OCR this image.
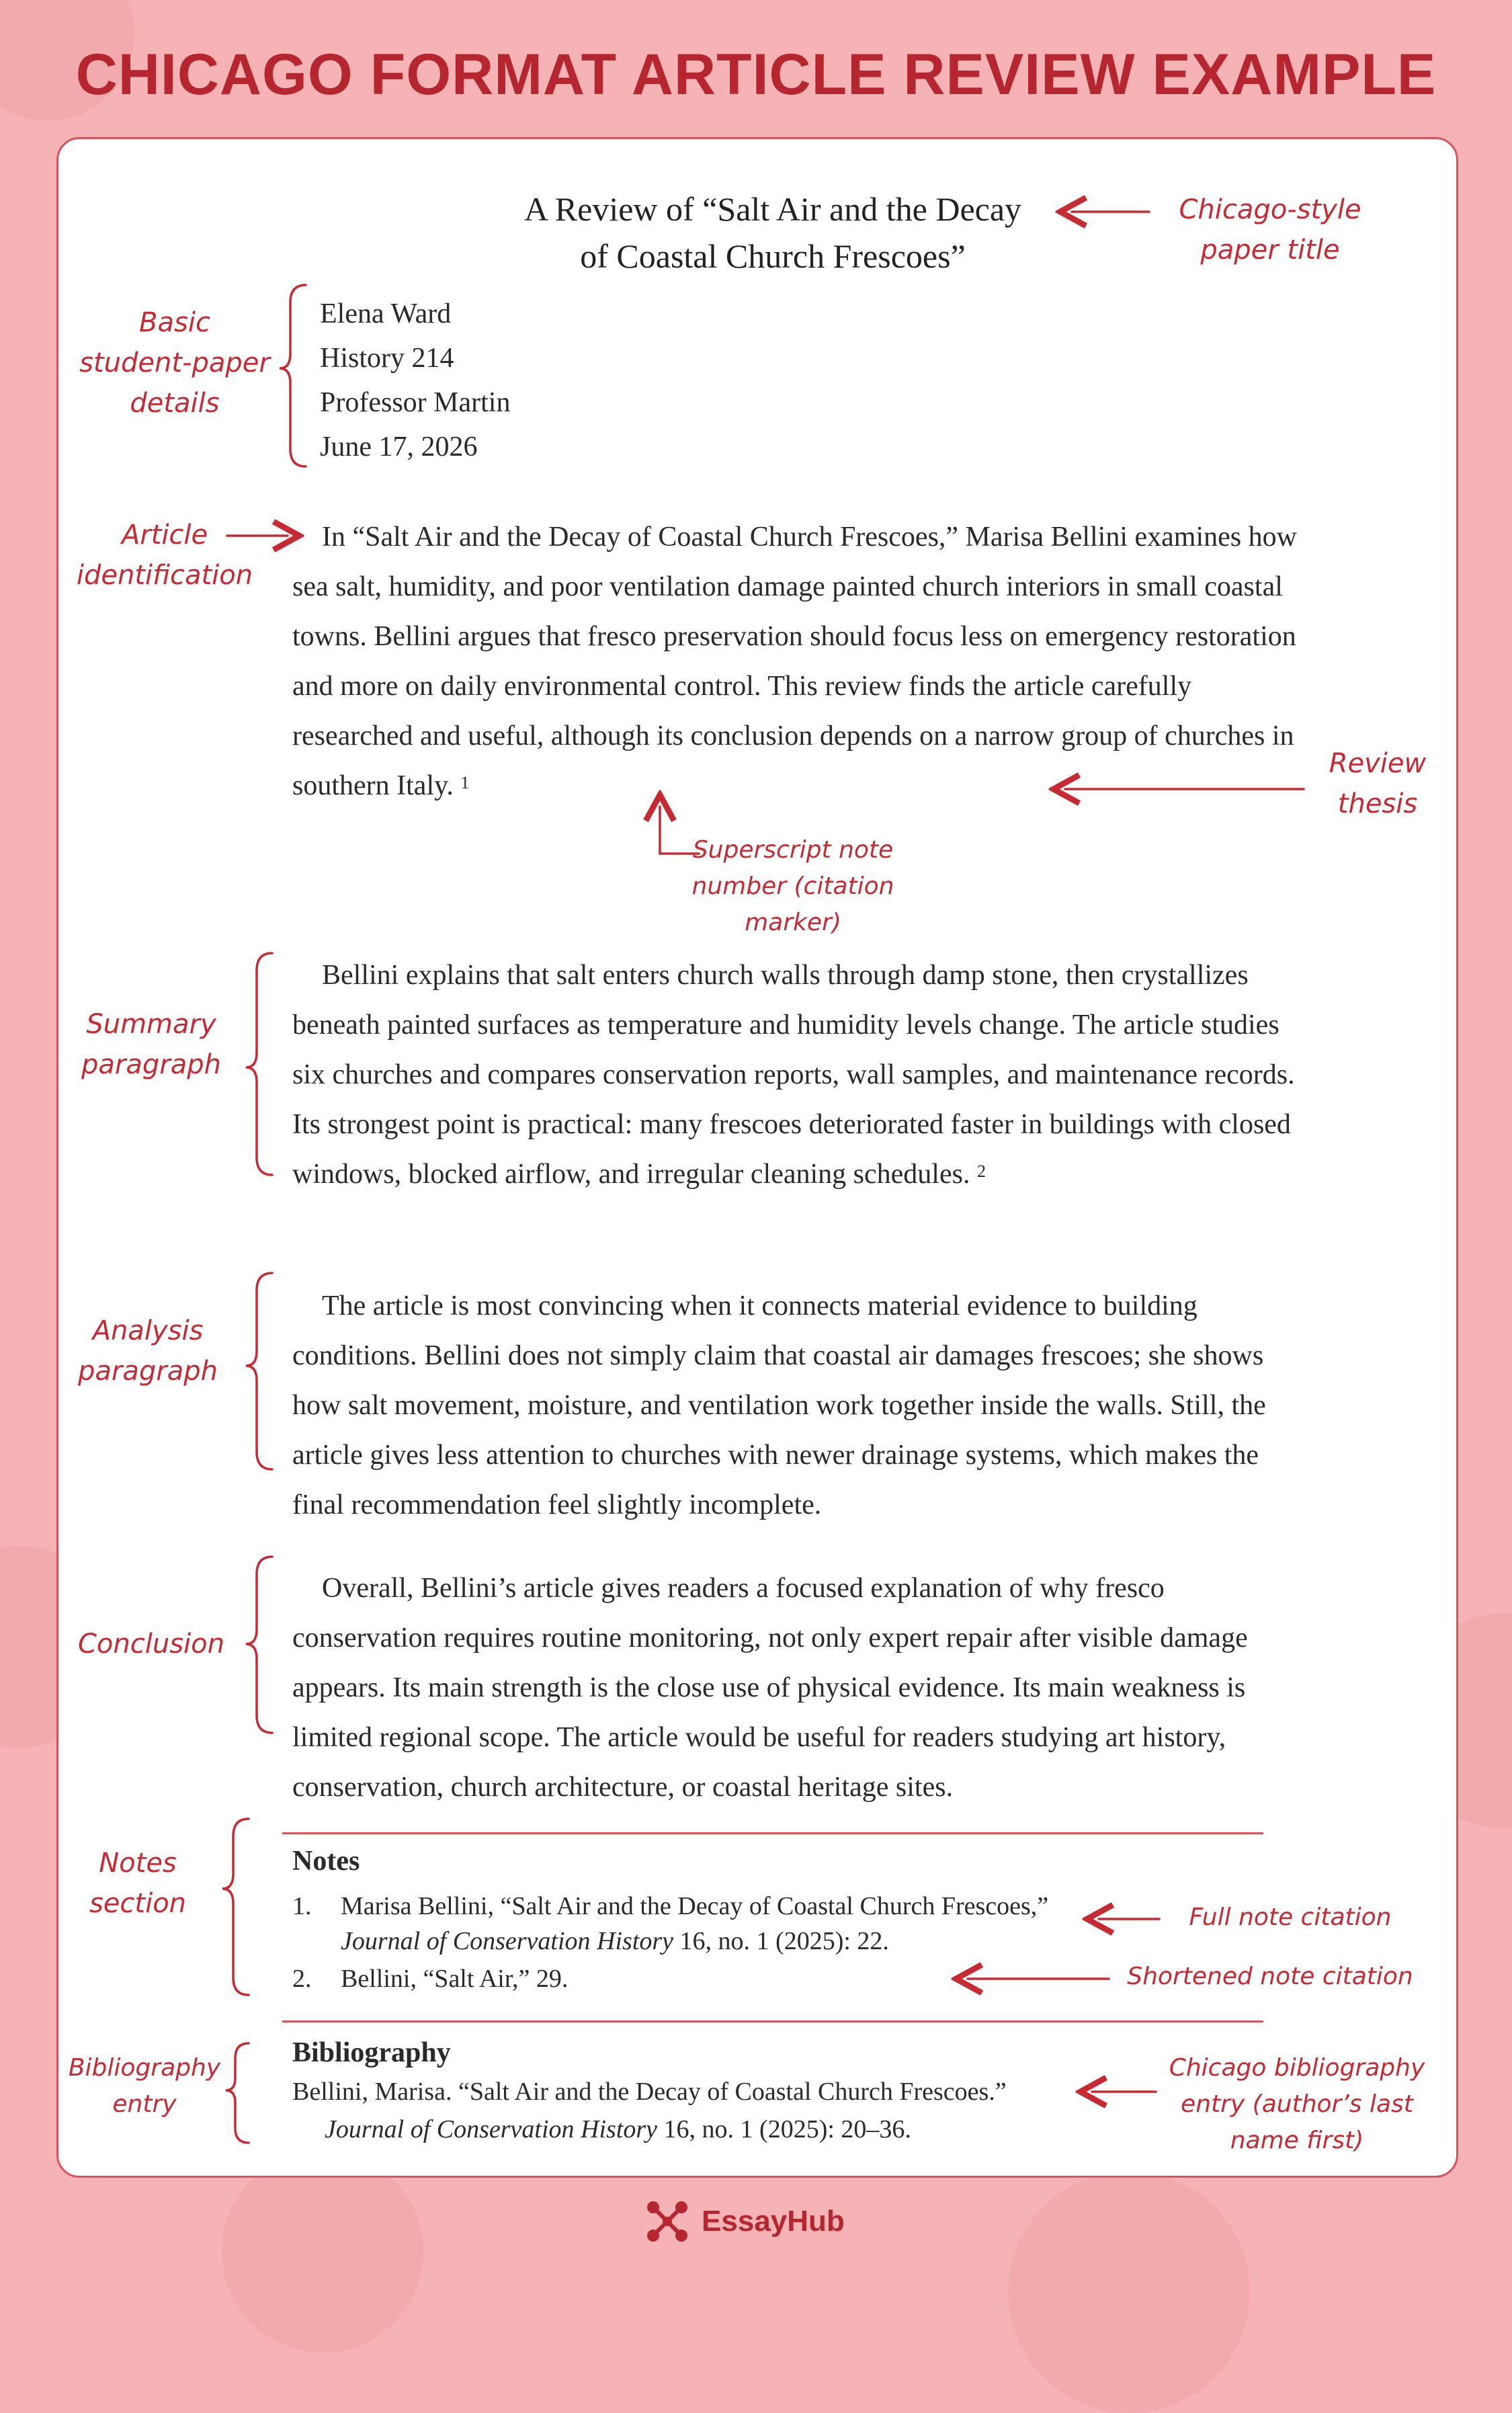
CHICAGO FORMAT ARTICLE REVIEW EXAMPLE
A Review of “Salt Air and the Decay
of Coastal Church Frescoes”
Elena Ward
History 214
Professor Martin
June 17, 2026
In “Salt Air and the Decay of Coastal Church Frescoes,” Marisa Bellini examines how sea salt, humidity, and poor ventilation damage painted church interiors in small coastal towns. Bellini argues that fresco preservation should focus less on emergency restoration and more on daily environmental control. This review finds the article carefully researched and useful, although its conclusion depends on a narrow group of churches in southern Italy. $^1$
Bellini explains that salt enters church walls through damp stone, then crystallizes beneath painted surfaces as temperature and humidity levels change. The article studies six churches and compares conservation reports, wall samples, and maintenance records. Its strongest point is practical: many frescoes deteriorated faster in buildings with closed windows, blocked airflow, and irregular cleaning schedules. $^2$
The article is most convincing when it connects material evidence to building conditions. Bellini does not simply claim that coastal air damages frescoes; she shows how salt movement, moisture, and ventilation work together inside the walls. Still, the article gives less attention to churches with newer drainage systems, which makes the final recommendation feel slightly incomplete.
Overall, Bellini’s article gives readers a focused explanation of why fresco conservation requires routine monitoring, not only expert repair after visible damage appears. Its main strength is the close use of physical evidence. Its main weakness is limited regional scope. The article would be useful for readers studying art history, conservation, church architecture, or coastal heritage sites.
Notes
1. Marisa Bellini, “Salt Air and the Decay of Coastal Church Frescoes,”
Journal of Conservation History 16, no. 1 (2025): 22.
2. Bellini, “Salt Air,” 29.
Bibliography
Bellini, Marisa. “Salt Air and the Decay of Coastal Church Frescoes.”
Journal of Conservation History 16, no. 1 (2025): 20–36.
Chicago-style
paper title
Basic
student-paper
details
Article
identification
Review
thesis
Superscript note
number (citation
marker)
Summary
paragraph
Analysis
paragraph
Conclusion
Notes
section	Full note citation
Shortened note citation
Bibliography
entry
Chicago bibliography
entry (author’s last
name first)
EssayHub
